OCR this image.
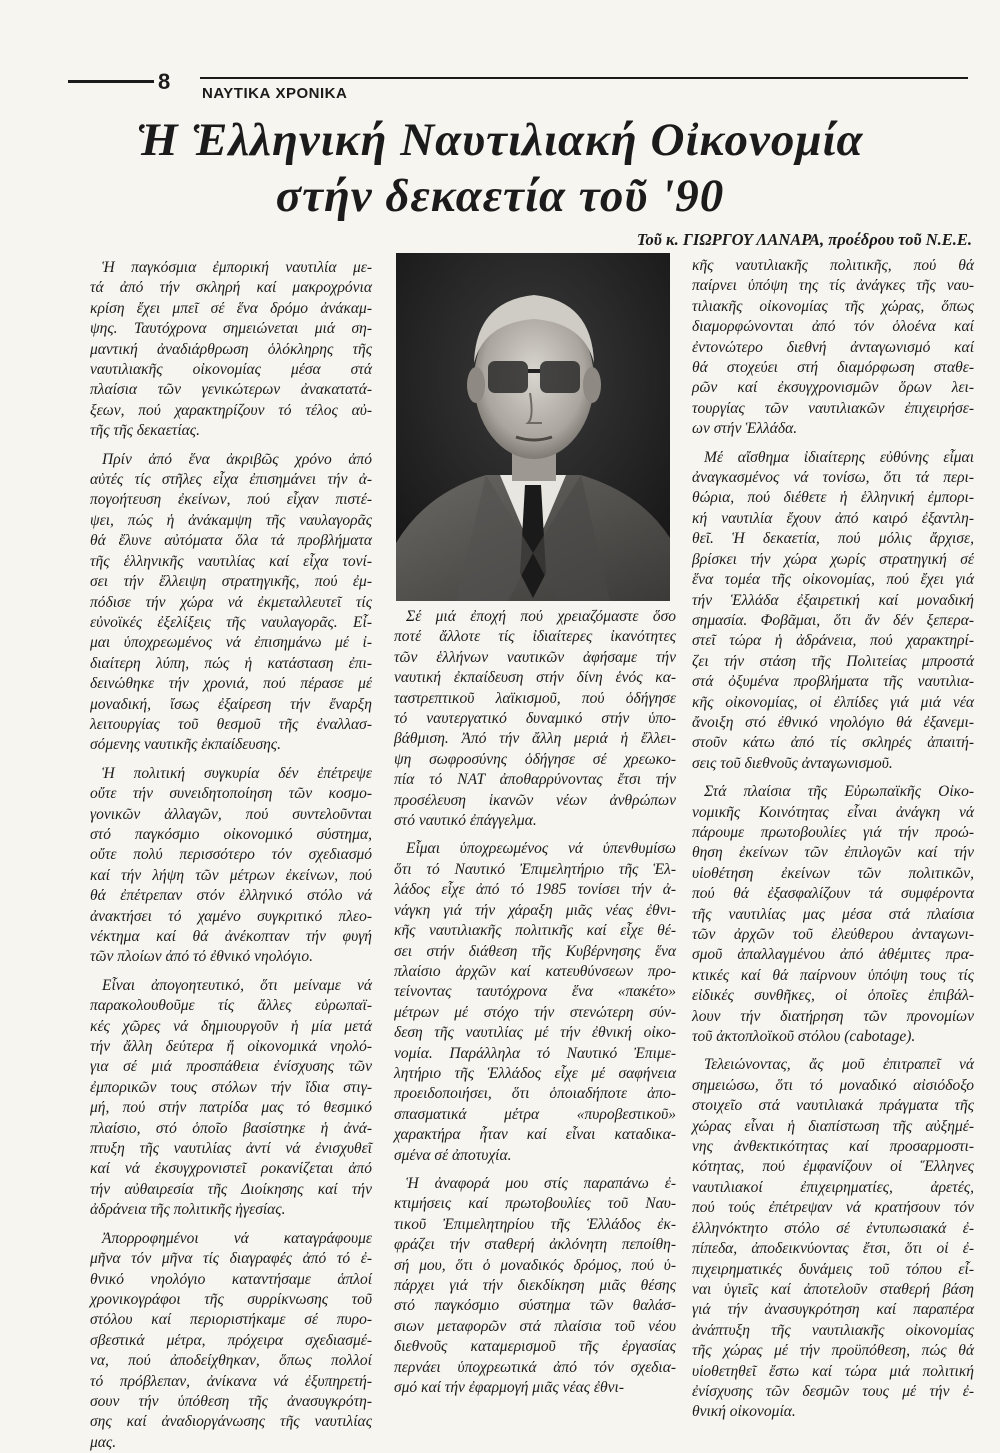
8 ΝΑΥΤΙΚΑ ΧΡΟΝΙΚΑ
Ἡ Ἑλληνική Ναυτιλιακή Οἰκονομία
στήν δεκαετία τοῦ '90
Τοῦ κ. ΓΙΩΡΓΟΥ ΛΑΝΑΡΑ, προέδρου τοῦ Ν.Ε.Ε.

Ἡ παγκόσμια ἐμπορική ναυτιλία με-
τά ἀπό τήν σκληρή καί μακροχρόνια
κρίση ἔχει μπεῖ σέ ἕνα δρόμο ἀνάκαμ-
ψης. Ταυτόχρονα σημειώνεται μιά ση-
μαντική ἀναδιάρθρωση ὁλόκληρης τῆς
ναυτιλιακῆς οἰκονομίας μέσα στά
πλαίσια τῶν γενικώτερων ἀνακατατά-
ξεων, πού χαρακτηρίζουν τό τέλος αὐ-
τῆς τῆς δεκαετίας.

Πρίν ἀπό ἕνα ἀκριβῶς χρόνο ἀπό
αὐτές τίς στῆλες εἶχα ἐπισημάνει τήν ἀ-
πογοήτευση ἐκείνων, πού εἶχαν πιστέ-
ψει, πώς ἡ ἀνάκαμψη τῆς ναυλαγορᾶς
θά ἔλυνε αὐτόματα ὅλα τά προβλήματα
τῆς ἑλληνικῆς ναυτιλίας καί εἶχα τονί-
σει τήν ἔλλειψη στρατηγικῆς, πού ἐμ-
πόδισε τήν χώρα νά ἐκμεταλλευτεῖ τίς
εὐνοϊκές ἐξελίξεις τῆς ναυλαγορᾶς. Εἶ-
μαι ὑποχρεωμένος νά ἐπισημάνω μέ ἰ-
διαίτερη λύπη, πώς ἡ κατάσταση ἐπι-
δεινώθηκε τήν χρονιά, πού πέρασε μέ
μοναδική, ἴσως ἐξαίρεση τήν ἔναρξη
λειτουργίας τοῦ θεσμοῦ τῆς ἐναλλασ-
σόμενης ναυτικῆς ἐκπαίδευσης.

Ἡ πολιτική συγκυρία δέν ἐπέτρεψε
οὔτε τήν συνειδητοποίηση τῶν κοσμο-
γονικῶν ἀλλαγῶν, πού συντελοῦνται
στό παγκόσμιο οἰκονομικό σύστημα,
οὔτε πολύ περισσότερο τόν σχεδιασμό
καί τήν λήψη τῶν μέτρων ἐκείνων, πού
θά ἐπέτρεπαν στόν ἑλληνικό στόλο νά
ἀνακτήσει τό χαμένο συγκριτικό πλεο-
νέκτημα καί θά ἀνέκοπταν τήν φυγή
τῶν πλοίων ἀπό τό ἐθνικό νηολόγιο.

Εἶναι ἀπογοητευτικό, ὅτι μείναμε νά
παρακολουθοῦμε τίς ἄλλες εὐρωπαϊ-
κές χῶρες νά δημιουργοῦν ἡ μία μετά
τήν ἄλλη δεύτερα ἤ οἰκονομικά νηολό-
για σέ μιά προσπάθεια ἐνίσχυσης τῶν
ἐμπορικῶν τους στόλων τήν ἴδια στιγ-
μή, πού στήν πατρίδα μας τό θεσμικό
πλαίσιο, στό ὁποῖο βασίστηκε ἡ ἀνά-
πτυξη τῆς ναυτιλίας ἀντί νά ἐνισχυθεῖ
καί νά ἐκσυγχρονιστεῖ ροκανίζεται ἀπό
τήν αὐθαιρεσία τῆς Διοίκησης καί τήν
ἀδράνεια τῆς πολιτικῆς ἠγεσίας.

Ἀπορροφημένοι νά καταγράφουμε
μῆνα τόν μῆνα τίς διαγραφές ἀπό τό ἐ-
θνικό νηολόγιο καταντήσαμε ἁπλοί
χρονικογράφοι τῆς συρρίκνωσης τοῦ
στόλου καί περιοριστήκαμε σέ πυρο-
σβεστικά μέτρα, πρόχειρα σχεδιασμέ-
να, πού ἀποδείχθηκαν, ὅπως πολλοί
τό πρόβλεπαν, ἀνίκανα νά ἐξυπηρετή-
σουν τήν ὑπόθεση τῆς ἀνασυγκρότη-
σης καί ἀναδιοργάνωσης τῆς ναυτιλίας
μας.

Σέ μιά ἐποχή πού χρειαζόμαστε ὅσο
ποτέ ἄλλοτε τίς ἰδιαίτερες ἰκανότητες
τῶν ἑλλήνων ναυτικῶν ἀφήσαμε τήν
ναυτική ἐκπαίδευση στήν δίνη ἑνός κα-
ταστρεπτικοῦ λαϊκισμοῦ, πού ὁδήγησε
τό ναυτεργατικό δυναμικό στήν ὑπο-
βάθμιση. Ἀπό τήν ἄλλη μεριά ἡ ἔλλει-
ψη σωφροσύνης ὁδήγησε σέ χρεωκο-
πία τό ΝΑΤ ἀποθαρρύνοντας ἔτσι τήν
προσέλευση ἱκανῶν νέων ἀνθρώπων
στό ναυτικό ἐπάγγελμα.

Εἶμαι ὑποχρεωμένος νά ὑπενθυμίσω
ὅτι τό Ναυτικό Ἐπιμελητήριο τῆς Ἑλ-
λάδος εἶχε ἀπό τό 1985 τονίσει τήν ἀ-
νάγκη γιά τήν χάραξη μιᾶς νέας ἐθνι-
κῆς ναυτιλιακῆς πολιτικῆς καί εἶχε θέ-
σει στήν διάθεση τῆς Κυβέρνησης ἕνα
πλαίσιο ἀρχῶν καί κατευθύνσεων προ-
τείνοντας ταυτόχρονα ἕνα «πακέτο»
μέτρων μέ στόχο τήν στενώτερη σύν-
δεση τῆς ναυτιλίας μέ τήν ἐθνική οἰκο-
νομία. Παράλληλα τό Ναυτικό Ἐπιμε-
λητήριο τῆς Ἑλλάδος εἶχε μέ σαφήνεια
προειδοποιήσει, ὅτι ὁποιαδήποτε ἀπο-
σπασματικά μέτρα «πυροβεστικοῦ»
χαρακτήρα ἦταν καί εἶναι καταδικα-
σμένα σέ ἀποτυχία.

Ἡ ἀναφορά μου στίς παραπάνω ἐ-
κτιμήσεις καί πρωτοβουλίες τοῦ Ναυ-
τικοῦ Ἐπιμελητηρίου τῆς Ἑλλάδος ἐκ-
φράζει τήν σταθερή ἀκλόνητη πεποίθη-
σή μου, ὅτι ὁ μοναδικός δρόμος, πού ὑ-
πάρχει γιά τήν διεκδίκηση μιᾶς θέσης
στό παγκόσμιο σύστημα τῶν θαλάσ-
σιων μεταφορῶν στά πλαίσια τοῦ νέου
διεθνοῦς καταμερισμοῦ τῆς ἐργασίας
περνάει ὑποχρεωτικά ἀπό τόν σχεδια-
σμό καί τήν ἐφαρμογή μιᾶς νέας ἐθνι-

κῆς ναυτιλιακῆς πολιτικῆς, πού θά
παίρνει ὑπόψη της τίς ἀνάγκες τῆς ναυ-
τιλιακῆς οἰκονομίας τῆς χώρας, ὅπως
διαμορφώνονται ἀπό τόν ὁλοένα καί
ἐντονώτερο διεθνή ἀνταγωνισμό καί
θά στοχεύει στή διαμόρφωση σταθε-
ρῶν καί ἐκσυγχρονισμῶν ὅρων λει-
τουργίας τῶν ναυτιλιακῶν ἐπιχειρήσε-
ων στήν Ἑλλάδα.

Μέ αἴσθημα ἰδιαίτερης εὐθύνης εἶμαι
ἀναγκασμένος νά τονίσω, ὅτι τά περι-
θώρια, πού διέθετε ἡ ἑλληνική ἐμπορι-
κή ναυτιλία ἔχουν ἀπό καιρό ἐξαντλη-
θεῖ. Ἡ δεκαετία, πού μόλις ἄρχισε,
βρίσκει τήν χώρα χωρίς στρατηγική σέ
ἕνα τομέα τῆς οἰκονομίας, πού ἔχει γιά
τήν Ἑλλάδα ἐξαιρετική καί μοναδική
σημασία. Φοβᾶμαι, ὅτι ἄν δέν ξεπερα-
στεῖ τώρα ἡ ἀδράνεια, πού χαρακτηρί-
ζει τήν στάση τῆς Πολιτείας μπροστά
στά ὀξυμένα προβλήματα τῆς ναυτιλια-
κῆς οἰκονομίας, οἱ ἐλπίδες γιά μιά νέα
ἄνοιξη στό ἐθνικό νηολόγιο θά ἐξανεμι-
στοῦν κάτω ἀπό τίς σκληρές ἀπαιτή-
σεις τοῦ διεθνοῦς ἀνταγωνισμοῦ.

Στά πλαίσια τῆς Εὐρωπαϊκῆς Οἰκο-
νομικῆς Κοινότητας εἶναι ἀνάγκη νά
πάρουμε πρωτοβουλίες γιά τήν προώ-
θηση ἐκείνων τῶν ἐπιλογῶν καί τήν
υἱοθέτηση ἐκείνων τῶν πολιτικῶν,
πού θά ἐξασφαλίζουν τά συμφέροντα
τῆς ναυτιλίας μας μέσα στά πλαίσια
τῶν ἀρχῶν τοῦ ἐλεύθερου ἀνταγωνι-
σμοῦ ἀπαλλαγμένου ἀπό ἀθέμιτες πρα-
κτικές καί θά παίρνουν ὑπόψη τους τίς
εἰδικές συνθῆκες, οἱ ὁποῖες ἐπιβάλ-
λουν τήν διατήρηση τῶν προνομίων
τοῦ ἀκτοπλοϊκοῦ στόλου (cabotage).

Τελειώνοντας, ἄς μοῦ ἐπιτραπεῖ νά
σημειώσω, ὅτι τό μοναδικό αἰσιόδοξο
στοιχεῖο στά ναυτιλιακά πράγματα τῆς
χώρας εἶναι ἡ διαπίστωση τῆς αὐξημέ-
νης ἀνθεκτικότητας καί προσαρμοστι-
κότητας, πού ἐμφανίζουν οἱ Ἕλληνες
ναυτιλιακοί ἐπιχειρηματίες, ἀρετές,
πού τούς ἐπέτρεψαν νά κρατήσουν τόν
ἑλληνόκτητο στόλο σέ ἐντυπωσιακά ἐ-
πίπεδα, ἀποδεικνύοντας ἔτσι, ὅτι οἱ ἐ-
πιχειρηματικές δυνάμεις τοῦ τόπου εἶ-
ναι ὑγιεῖς καί ἀποτελοῦν σταθερή βάση
γιά τήν ἀνασυγκρότηση καί παραπέρα
ἀνάπτυξη τῆς ναυτιλιακῆς οἰκονομίας
τῆς χώρας μέ τήν προϋπόθεση, πώς θά
υἱοθετηθεῖ ἔστω καί τώρα μιά πολιτική
ἐνίσχυσης τῶν δεσμῶν τους μέ τήν ἐ-
θνική οἰκονομία.
